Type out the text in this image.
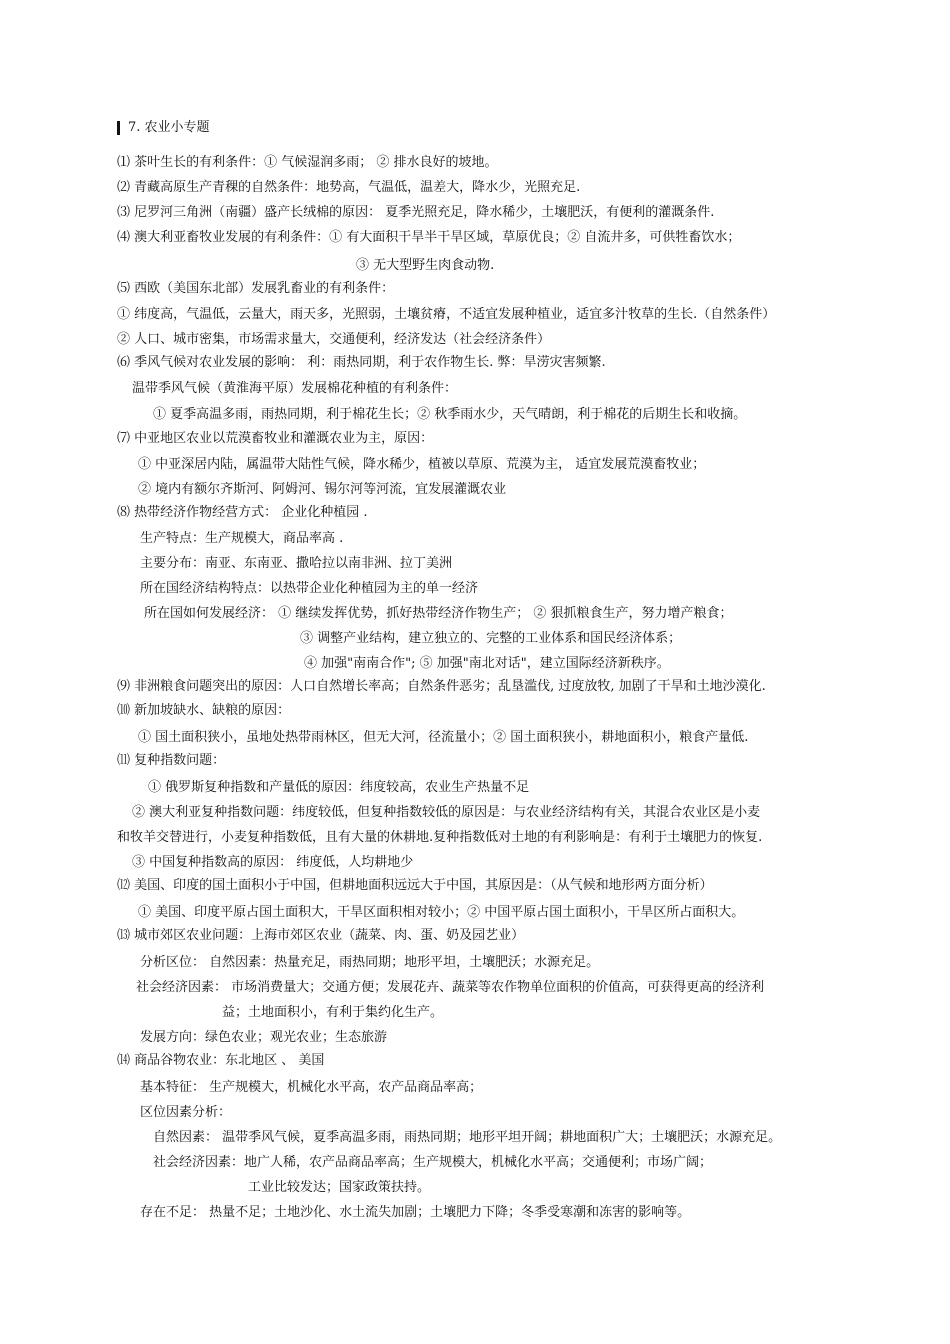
7. 农业小专题
⑴ 茶叶生长的有利条件：① 气候湿润多雨； ② 排水良好的坡地。
⑵ 青藏高原生产青稞的自然条件：地势高，气温低，温差大，降水少，光照充足.
⑶ 尼罗河三角洲（南疆）盛产长绒棉的原因： 夏季光照充足，降水稀少，土壤肥沃，有便利的灌溉条件.
⑷ 澳大利亚畜牧业发展的有利条件：① 有大面积干旱半干旱区域，草原优良；② 自流井多，可供牲畜饮水；
③ 无大型野生肉食动物.
⑸ 西欧（美国东北部）发展乳畜业的有利条件：
① 纬度高，气温低，云量大，雨天多，光照弱，土壤贫瘠，不适宜发展种植业，适宜多汁牧草的生长.（自然条件）
② 人口、城市密集，市场需求量大，交通便利，经济发达（社会经济条件）
⑹ 季风气候对农业发展的影响： 利：雨热同期，利于农作物生长. 弊：旱涝灾害频繁.
温带季风气候（黄淮海平原）发展棉花种植的有利条件：
① 夏季高温多雨，雨热同期，利于棉花生长；② 秋季雨水少，天气晴朗，利于棉花的后期生长和收摘。
⑺ 中亚地区农业以荒漠畜牧业和灌溉农业为主，原因：
① 中亚深居内陆，属温带大陆性气候，降水稀少，植被以草原、荒漠为主， 适宜发展荒漠畜牧业；
② 境内有额尔齐斯河、阿姆河、锡尔河等河流，宜发展灌溉农业
⑻ 热带经济作物经营方式： 企业化种植园 .
生产特点：生产规模大，商品率高 .
主要分布：南亚、东南亚、撒哈拉以南非洲、拉丁美洲
所在国经济结构特点：以热带企业化种植园为主的单一经济
所在国如何发展经济： ① 继续发挥优势，抓好热带经济作物生产； ② 狠抓粮食生产，努力增产粮食；
③ 调整产业结构，建立独立的、完整的工业体系和国民经济体系；
④ 加强"南南合作"; ⑤ 加强"南北对话"，建立国际经济新秩序。
⑼ 非洲粮食问题突出的原因：人口自然增长率高；自然条件恶劣；乱垦滥伐, 过度放牧, 加剧了干旱和土地沙漠化.
⑽ 新加坡缺水、缺粮的原因：
① 国土面积狭小，虽地处热带雨林区，但无大河，径流量小；② 国土面积狭小，耕地面积小，粮食产量低.
⑾ 复种指数问题：
① 俄罗斯复种指数和产量低的原因：纬度较高，农业生产热量不足
② 澳大利亚复种指数问题：纬度较低，但复种指数较低的原因是：与农业经济结构有关，其混合农业区是小麦
和牧羊交替进行，小麦复种指数低，且有大量的休耕地.复种指数低对土地的有利影响是：有利于土壤肥力的恢复.
③ 中国复种指数高的原因： 纬度低，人均耕地少
⑿ 美国、印度的国土面积小于中国，但耕地面积远远大于中国，其原因是：（从气候和地形两方面分析）
① 美国、印度平原占国土面积大，干旱区面积相对较小；② 中国平原占国土面积小，干旱区所占面积大。
⒀ 城市郊区农业问题：上海市郊区农业（蔬菜、肉、蛋、奶及园艺业）
分析区位： 自然因素：热量充足，雨热同期；地形平坦，土壤肥沃；水源充足。
社会经济因素： 市场消费量大；交通方便；发展花卉、蔬菜等农作物单位面积的价值高，可获得更高的经济利
益；土地面积小，有利于集约化生产。
发展方向：绿色农业；观光农业；生态旅游
⒁ 商品谷物农业：东北地区 、 美国
基本特征： 生产规模大，机械化水平高，农产品商品率高；
区位因素分析：
自然因素： 温带季风气候，夏季高温多雨，雨热同期；地形平坦开阔；耕地面积广大；土壤肥沃；水源充足。
社会经济因素：地广人稀，农产品商品率高；生产规模大，机械化水平高；交通便利；市场广阔；
工业比较发达；国家政策扶持。
存在不足： 热量不足；土地沙化、水土流失加剧；土壤肥力下降；冬季受寒潮和冻害的影响等。
